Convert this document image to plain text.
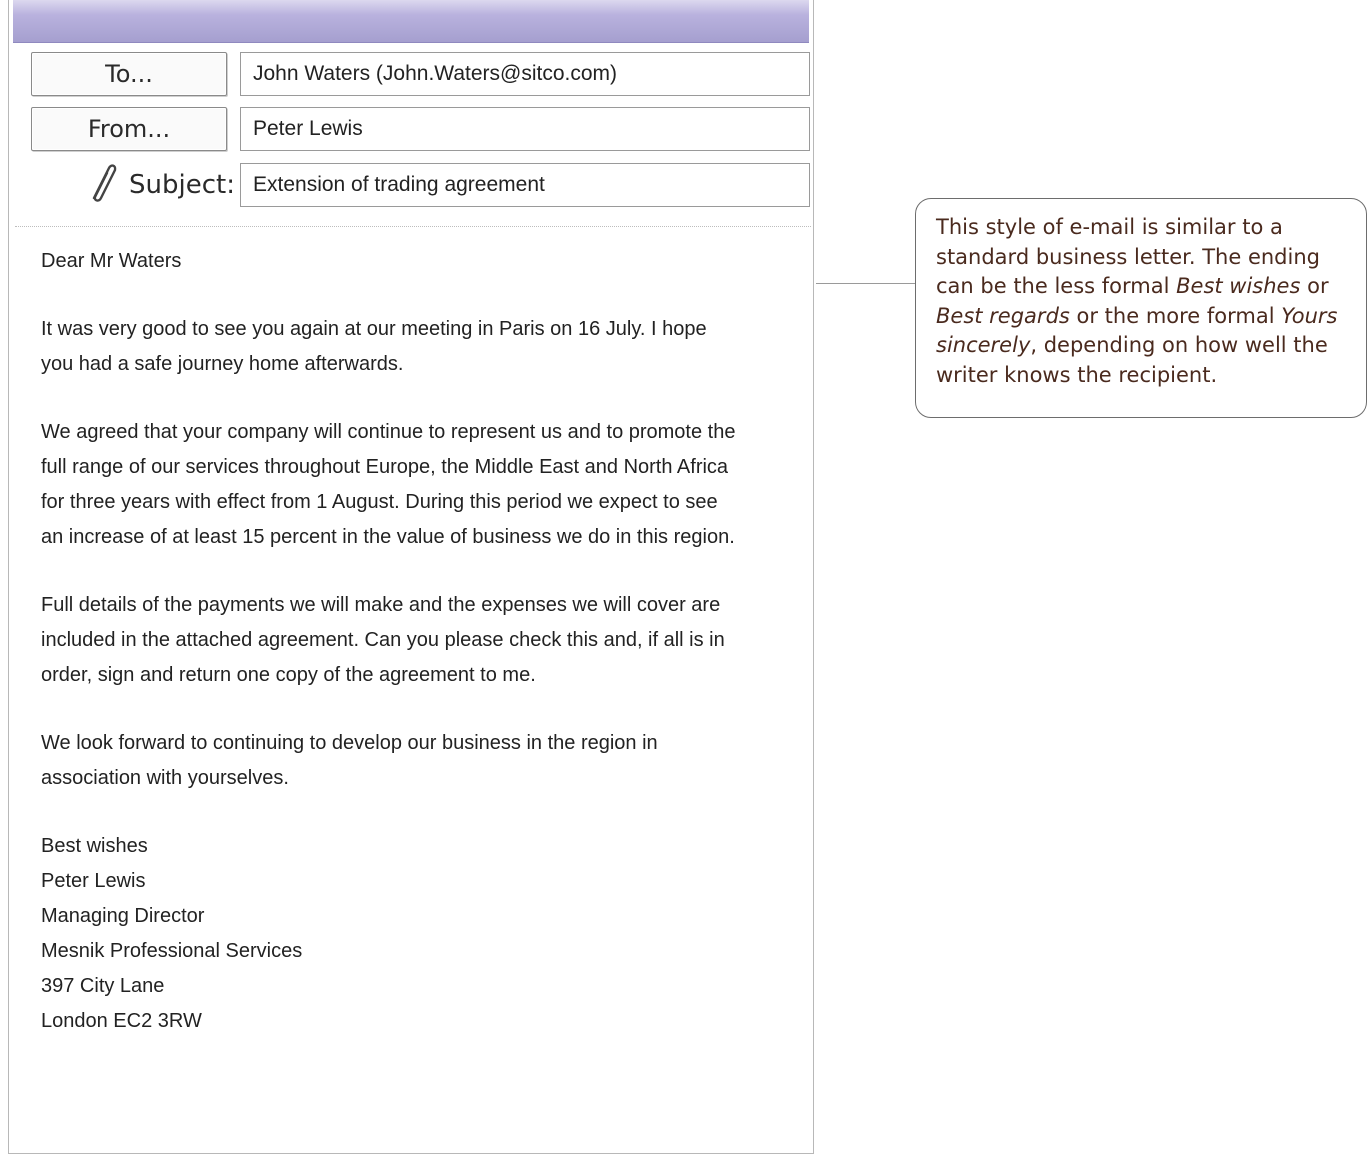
To...	John Waters (John.Waters@sitco.com)
From...	Peter Lewis
Subject: Extension of trading agreement

Dear Mr Waters

It was very good to see you again at our meeting in Paris on 16 July. I hope you had a safe journey home afterwards.

We agreed that your company will continue to represent us and to promote the full range of our services throughout Europe, the Middle East and North Africa for three years with effect from 1 August. During this period we expect to see an increase of at least 15 percent in the value of business we do in this region.

Full details of the payments we will make and the expenses we will cover are included in the attached agreement. Can you please check this and, if all is in order, sign and return one copy of the agreement to me.

We look forward to continuing to develop our business in the region in association with yourselves.

Best wishes
Peter Lewis
Managing Director
Mesnik Professional Services
397 City Lane
London EC2 3RW
This style of e-mail is similar to a standard business letter. The ending can be the less formal Best wishes or Best regards or the more formal Yours sincerely, depending on how well the writer knows the recipient.
